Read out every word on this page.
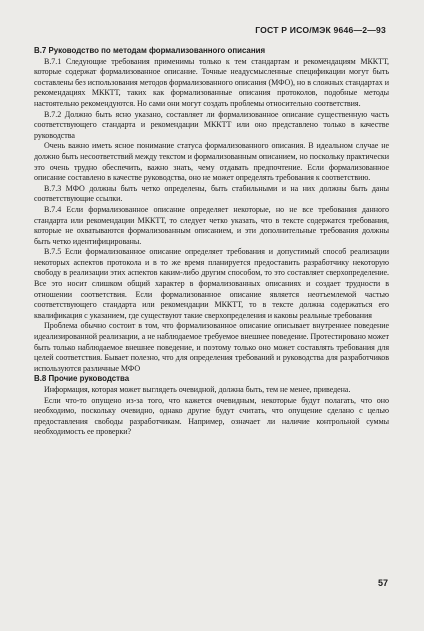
ГОСТ Р ИСО/МЭК 9646—2—93

В.7 Руководство по методам формализованного описания

В.7.1 Следующие требования применимы только к тем стандартам и рекомендациям МККТТ, которые содержат формализованное описание. Точные неадусмысленные спецификации могут быть составлены без использования методов формализованного описания (МФО), но в сложных стандартах и рекомендациях МККТТ, таких как формализованные описания протоколов, подобные методы настоятельно рекомендуются. Но сами они могут создать проблемы относительно соответствия.

В.7.2 Должно быть ясно указано, составляет ли формализованное описание существенную часть соответствующего стандарта и рекомендации МККТТ или оно представлено только в качестве руководства

Очень важно иметь ясное понимание статуса формализованного описания. В идеальном случае не должно быть несоответствий между текстом и формализованным описанием, но поскольку практически это очень трудно обеспечить, важно знать, чему отдавать предпочтение. Если формализованное описание составлено в качестве руководства, оно не может определять требования к соответствию.

В.7.3 МФО должны быть четко определены, быть стабильными и на них должны быть даны соответствующие ссылки.

В.7.4 Если формализованное описание определяет некоторые, но не все требования данного стандарта или рекомендации МККТТ, то следует четко указать, что в тексте содержатся требования, которые не охватываются формализованным описанием, и эти дополнительные требования должны быть четко идентифицированы.

В.7.5 Если формализованное описание определяет требования и допустимый способ реализации некоторых аспектов протокола и в то же время планируется предоставить разработчику некоторую свободу в реализации этих аспектов каким-либо другим способом, то это составляет сверхопределение. Все это носит слишком общий характер в формализованных описаниях и создает трудности в отношении соответствия. Если формализованное описание является неотъемлемой частью соответствующего стандарта или рекомендации МККТТ, то в тексте должна содержаться его квалификация с указанием, где существуют такие сверхопределения и каковы реальные требования

Проблема обычно состоит в том, что формализованное описание описывает внутреннее поведение идеализированной реализации, а не наблюдаемое требуемое внешнее поведение. Протестировано может быть только наблюдаемое внешнее поведение, и поэтому только оно может составлять требования для целей соответствия. Бывает полезно, что для определения требований и руководства для разработчиков используются различные МФО

В.8 Прочие руководства

Информация, которая может выглядеть очевидной, должна быть, тем не менее, приведена.

Если что-то опущено из-за того, что кажется очевидным, некоторые будут полагать, что оно необходимо, поскольку очевидно, однако другие будут считать, что опущение сделано с целью предоставления свободы разработчикам. Например, означает ли наличие контрольной суммы необходимость ее проверки?

57
